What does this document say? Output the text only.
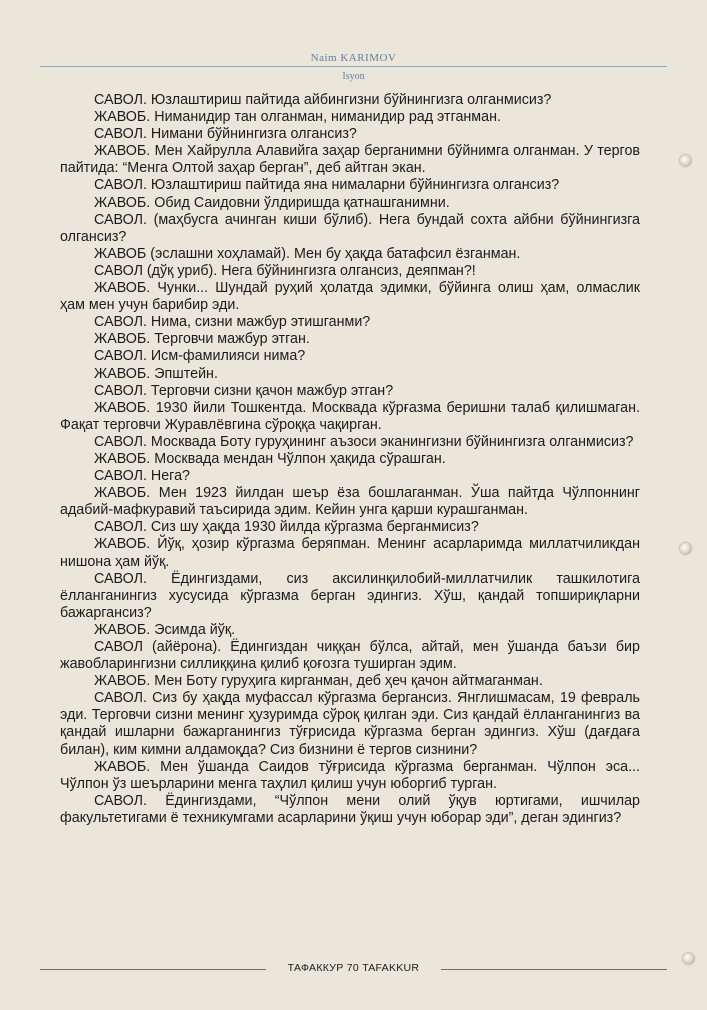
Naim KARIMOV
Isyon

САВОЛ. Юзлаштириш пайтида айбингизни бўйнингизга олганмисиз?

ЖАВОБ. Ниманидир тан олганман, ниманидир рад этганман.

САВОЛ. Нимани бўйнингизга олгансиз?

ЖАВОБ. Мен Хайрулла Алавийга заҳар берганимни бўйнимга олганман. У тергов пайтида: “Менга Олтой заҳар берган”, деб айтган экан.

САВОЛ. Юзлаштириш пайтида яна нималарни бўйнингизга олгансиз?

ЖАВОБ. Обид Саидовни ўлдиришда қатнашганимни.

САВОЛ. (маҳбусга ачинган киши бўлиб). Нега бундай сохта айбни бўйнингизга олгансиз?

ЖАВОБ (эслашни хоҳламай). Мен бу ҳақда батафсил ёзганман.

САВОЛ (дўқ уриб). Нега бўйнингизга олгансиз, деяпман?!

ЖАВОБ. Чунки... Шундай руҳий ҳолатда эдимки, бўйинга олиш ҳам, олмаслик ҳам мен учун барибир эди.

САВОЛ. Нима, сизни мажбур этишганми?

ЖАВОБ. Терговчи мажбур этган.

САВОЛ. Исм-фамилияси нима?

ЖАВОБ. Эпштейн.

САВОЛ. Терговчи сизни қачон мажбур этган?

ЖАВОБ. 1930 йили Тошкентда. Москвада кўрғазма беришни талаб қилишмаган. Фақат терговчи Журавлёвгина сўроққа чақирган.

САВОЛ. Москвада Боту гуруҳининг аъзоси эканингизни бўйнингизга олганмисиз?

ЖАВОБ. Москвада мендан Чўлпон ҳақида сўрашган.

САВОЛ. Нега?

ЖАВОБ. Мен 1923 йилдан шеър ёза бошлаганман. Ўша пайтда Чўлпоннинг адабий-мафкуравий таъсирида эдим. Кейин унга қарши курашганман.

САВОЛ. Сиз шу ҳақда 1930 йилда кўргазма берганмисиз?

ЖАВОБ. Йўқ, ҳозир кўргазма беряпман. Менинг асарларимда миллатчиликдан нишона ҳам йўқ.

САВОЛ. Ёдингиздами, сиз аксилинқилобий-миллатчилик ташкилотига ёлланганингиз хусусида кўргазма берган эдингиз. Хўш, қандай топшириқларни бажаргансиз?

ЖАВОБ. Эсимда йўқ.

САВОЛ (айёрона). Ёдингиздан чиққан бўлса, айтай, мен ўшанда баъзи бир жавобларингизни силлиққина қилиб қоғозга туширган эдим.

ЖАВОБ. Мен Боту гуруҳига кирганман, деб ҳеч қачон айтмаганман.

САВОЛ. Сиз бу ҳақда муфассал кўргазма бергансиз. Янглишмасам, 19 февраль эди. Терговчи сизни менинг ҳузуримда сўроқ қилган эди. Сиз қандай ёлланганингиз ва қандай ишларни бажарганингиз тўғрисида кўргазма берган эдингиз. Хўш (дағдаға билан), ким кимни алдамоқда? Сиз бизнини ё тергов сизнини?

ЖАВОБ. Мен ўшанда Саидов тўғрисида кўргазма берганман. Чўлпон эса... Чўлпон ўз шеърларини менга таҳлил қилиш учун юборгиб турган.

САВОЛ. Ёдингиздами, “Чўлпон мени олий ўқув юртигами, ишчилар факультетигами ё техникумгами асарларини ўқиш учун юборар эди”, деган эдингиз?

ТАФАККУР 70 TAFAKKUR
